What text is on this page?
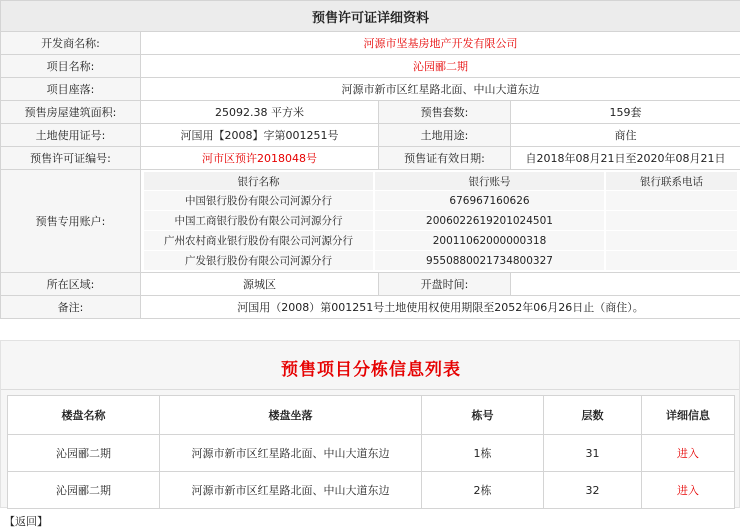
预售许可证详细资料
开发商名称:	河源市坚基房地产开发有限公司
项目名称:	沁园郦二期
项目座落:	河源市新市区红星路北面、中山大道东边
预售房屋建筑面积:	25092.38 平方米	预售套数:	159套
土地使用证号:	河国用【2008】字第001251号	土地用途:	商住
预售许可证编号:	河市区预许2018048号	预售证有效日期:	自2018年08月21日至2020年08月21日
预售专用账户:	
银行名称	银行账号	银行联系电话
中国银行股份有限公司河源分行	676967160626	
中国工商银行股份有限公司河源分行	2006022619201024501	
广州农村商业银行股份有限公司河源分行	20011062000000318	
广发银行股份有限公司河源分行	9550880021734800327	

所在区域:	源城区	开盘时间:	
备注:	河国用（2008）第001251号土地使用权使用期限至2052年06月26日止（商住）。
预售项目分栋信息列表
楼盘名称	楼盘坐落	栋号	层数	详细信息
沁园郦二期	河源市新市区红星路北面、中山大道东边	1栋	31	进入
沁园郦二期	河源市新市区红星路北面、中山大道东边	2栋	32	进入
【返回】
